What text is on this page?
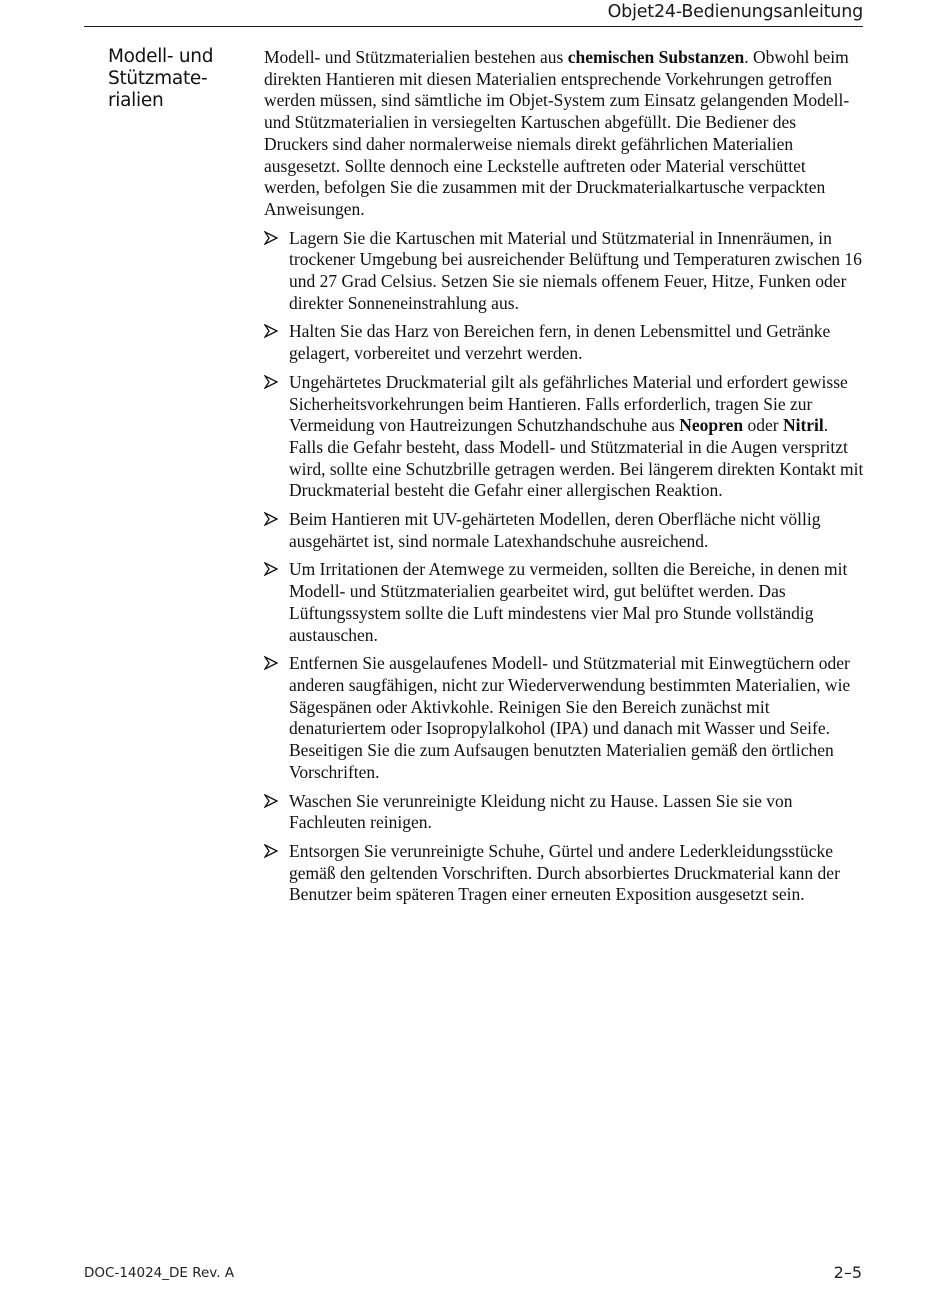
Objet24-Bedienungsanleitung
Modell- und
Stützmate-
rialien

Modell- und Stützmaterialien bestehen aus chemischen Substanzen. Obwohl beim direkten Hantieren mit diesen Materialien entsprechende Vorkehrungen getroffen werden müssen, sind sämtliche im Objet-System zum Einsatz gelangenden Modell- und Stützmaterialien in versiegelten Kartuschen abgefüllt. Die Bediener des Druckers sind daher normalerweise niemals direkt gefährlichen Materialien ausgesetzt. Sollte dennoch eine Leckstelle auftreten oder Material verschüttet werden, befolgen Sie die zusammen mit der Druckmaterialkartusche verpackten Anweisungen.

Lagern Sie die Kartuschen mit Material und Stützmaterial in Innenräumen, in trockener Umgebung bei ausreichender Belüftung und Temperaturen zwischen 16 und 27 Grad Celsius. Setzen Sie sie niemals offenem Feuer, Hitze, Funken oder direkter Sonneneinstrahlung aus.
Halten Sie das Harz von Bereichen fern, in denen Lebensmittel und Getränke gelagert, vorbereitet und verzehrt werden.
Ungehärtetes Druckmaterial gilt als gefährliches Material und erfordert gewisse Sicherheitsvorkehrungen beim Hantieren. Falls erforderlich, tragen Sie zur Vermeidung von Hautreizungen Schutzhandschuhe aus Neopren oder Nitril. Falls die Gefahr besteht, dass Modell- und Stützmaterial in die Augen verspritzt wird, sollte eine Schutzbrille getragen werden. Bei längerem direkten Kontakt mit Druckmaterial besteht die Gefahr einer allergischen Reaktion.
Beim Hantieren mit UV-gehärteten Modellen, deren Oberfläche nicht völlig ausgehärtet ist, sind normale Latexhandschuhe ausreichend.
Um Irritationen der Atemwege zu vermeiden, sollten die Bereiche, in denen mit Modell- und Stützmaterialien gearbeitet wird, gut belüftet werden. Das Lüftungssystem sollte die Luft mindestens vier Mal pro Stunde vollständig austauschen.
Entfernen Sie ausgelaufenes Modell- und Stützmaterial mit Einwegtüchern oder anderen saugfähigen, nicht zur Wiederverwendung bestimmten Materialien, wie Sägespänen oder Aktivkohle. Reinigen Sie den Bereich zunächst mit denaturiertem oder Isopropylalkohol (IPA) und danach mit Wasser und Seife. Beseitigen Sie die zum Aufsaugen benutzten Materialien gemäß den örtlichen Vorschriften.
Waschen Sie verunreinigte Kleidung nicht zu Hause. Lassen Sie sie von Fachleuten reinigen.
Entsorgen Sie verunreinigte Schuhe, Gürtel und andere Lederkleidungsstücke gemäß den geltenden Vorschriften. Durch absorbiertes Druckmaterial kann der Benutzer beim späteren Tragen einer erneuten Exposition ausgesetzt sein.
DOC-14024_DE Rev. A	2–5
